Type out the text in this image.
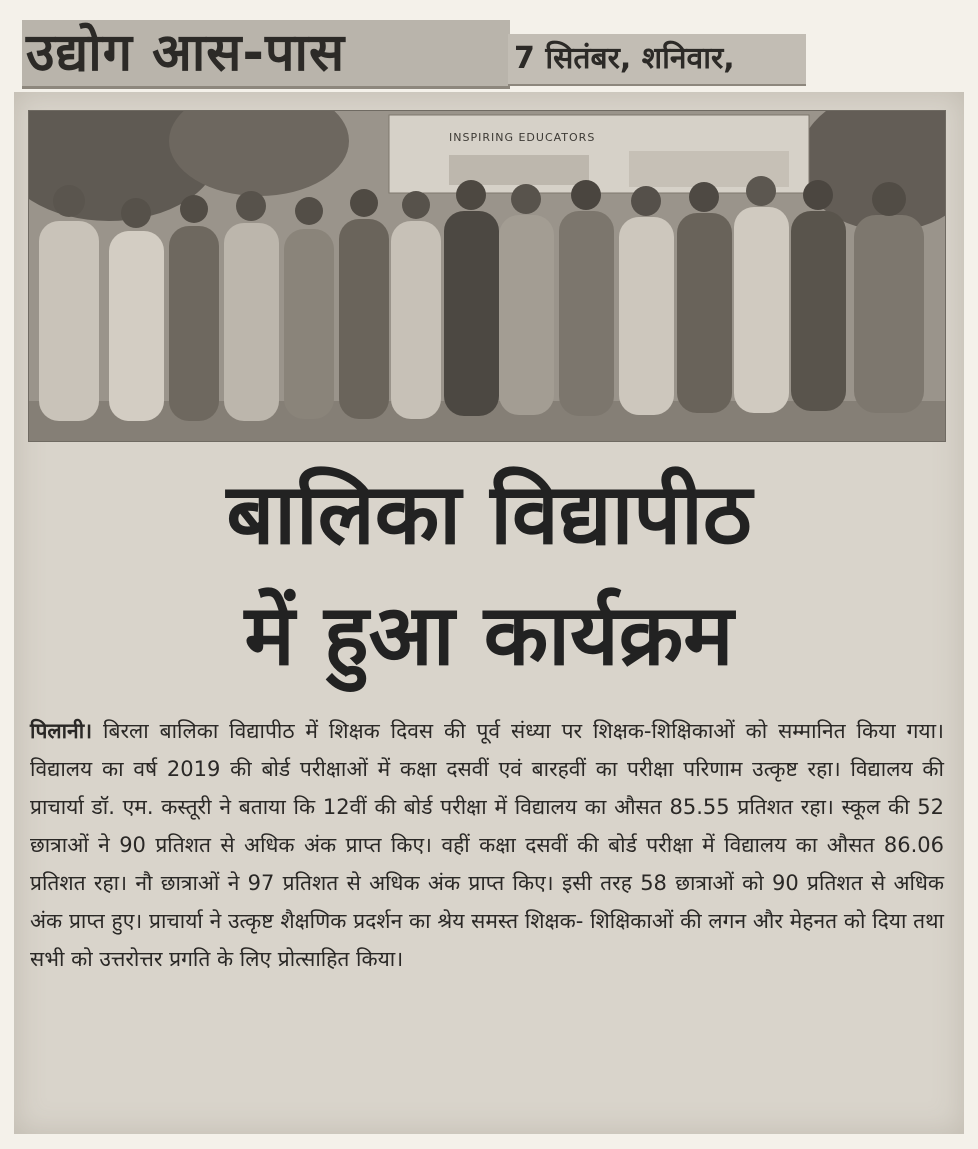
उद्योग आस-पास	7 सितंबर, शनिवार,
INSPIRING EDUCATORS
बालिका विद्यापीठ
में हुआ कार्यक्रम
पिलानी। बिरला बालिका विद्यापीठ में शिक्षक दिवस की पूर्व संध्या पर शिक्षक-शिक्षिकाओं को सम्मानित किया गया। विद्यालय का वर्ष 2019 की बोर्ड परीक्षाओं में कक्षा दसवीं एवं बारहवीं का परीक्षा परिणाम उत्कृष्ट रहा। विद्यालय की प्राचार्या डॉ. एम. कस्तूरी ने बताया कि 12वीं की बोर्ड परीक्षा में विद्यालय का औसत 85.55 प्रतिशत रहा। स्कूल की 52 छात्राओं ने 90 प्रतिशत से अधिक अंक प्राप्त किए। वहीं कक्षा दसवीं की बोर्ड परीक्षा में विद्यालय का औसत 86.06 प्रतिशत रहा। नौ छात्राओं ने 97 प्रतिशत से अधिक अंक प्राप्त किए। इसी तरह 58 छात्राओं को 90 प्रतिशत से अधिक अंक प्राप्त हुए। प्राचार्या ने उत्कृष्ट शैक्षणिक प्रदर्शन का श्रेय समस्त शिक्षक- शिक्षिकाओं की लगन और मेहनत को दिया तथा सभी को उत्तरोत्तर प्रगति के लिए प्रोत्साहित किया।
